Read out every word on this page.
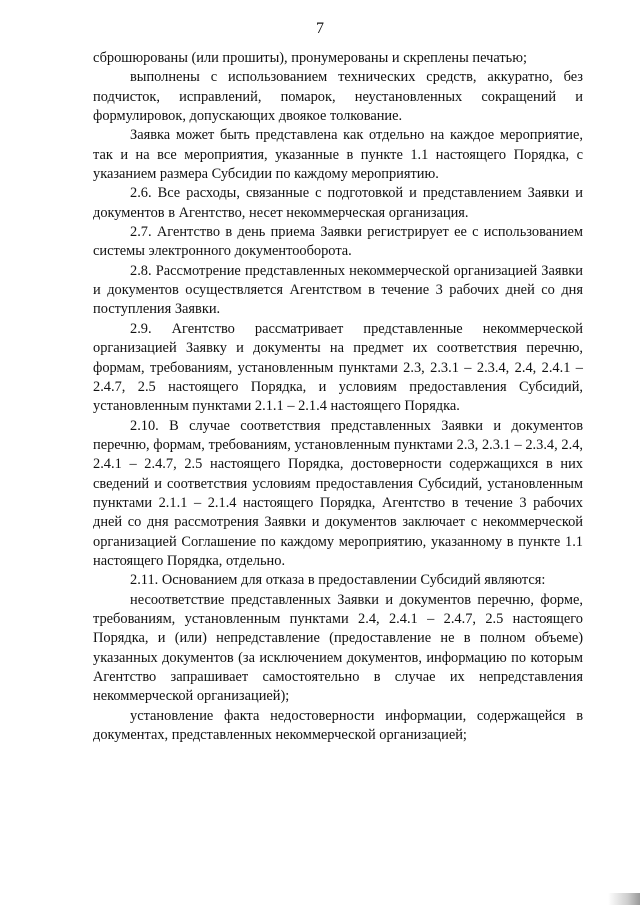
7

сброшюрованы (или прошиты), пронумерованы и скреплены печатью;

выполнены с использованием технических средств, аккуратно, без подчисток, исправлений, помарок, неустановленных сокращений и формулировок, допускающих двоякое толкование.

Заявка может быть представлена как отдельно на каждое мероприятие, так и на все мероприятия, указанные в пункте 1.1 настоящего Порядка, с указанием размера Субсидии по каждому мероприятию.

2.6. Все расходы, связанные с подготовкой и представлением Заявки и документов в Агентство, несет некоммерческая организация.

2.7. Агентство в день приема Заявки регистрирует ее с использованием системы электронного документооборота.

2.8. Рассмотрение представленных некоммерческой организацией Заявки и документов осуществляется Агентством в течение 3 рабочих дней со дня поступления Заявки.

2.9. Агентство рассматривает представленные некоммерческой организацией Заявку и документы на предмет их соответствия перечню, формам, требованиям, установленным пунктами 2.3, 2.3.1 – 2.3.4, 2.4, 2.4.1 – 2.4.7, 2.5 настоящего Порядка, и условиям предоставления Субсидий, установленным пунктами 2.1.1 – 2.1.4 настоящего Порядка.

2.10. В случае соответствия представленных Заявки и документов перечню, формам, требованиям, установленным пунктами 2.3, 2.3.1 – 2.3.4, 2.4, 2.4.1 – 2.4.7, 2.5 настоящего Порядка, достоверности содержащихся в них сведений и соответствия условиям предоставления Субсидий, установленным пунктами 2.1.1 – 2.1.4 настоящего Порядка, Агентство в течение 3 рабочих дней со дня рассмотрения Заявки и документов заключает с некоммерческой организацией Соглашение по каждому мероприятию, указанному в пункте 1.1 настоящего Порядка, отдельно.

2.11. Основанием для отказа в предоставлении Субсидий являются:

несоответствие представленных Заявки и документов перечню, форме, требованиям, установленным пунктами 2.4, 2.4.1 – 2.4.7, 2.5 настоящего Порядка, и (или) непредставление (предоставление не в полном объеме) указанных документов (за исключением документов, информацию по которым Агентство запрашивает самостоятельно в случае их непредставления некоммерческой организацией);

установление факта недостоверности информации, содержащейся в документах, представленных некоммерческой организацией;
